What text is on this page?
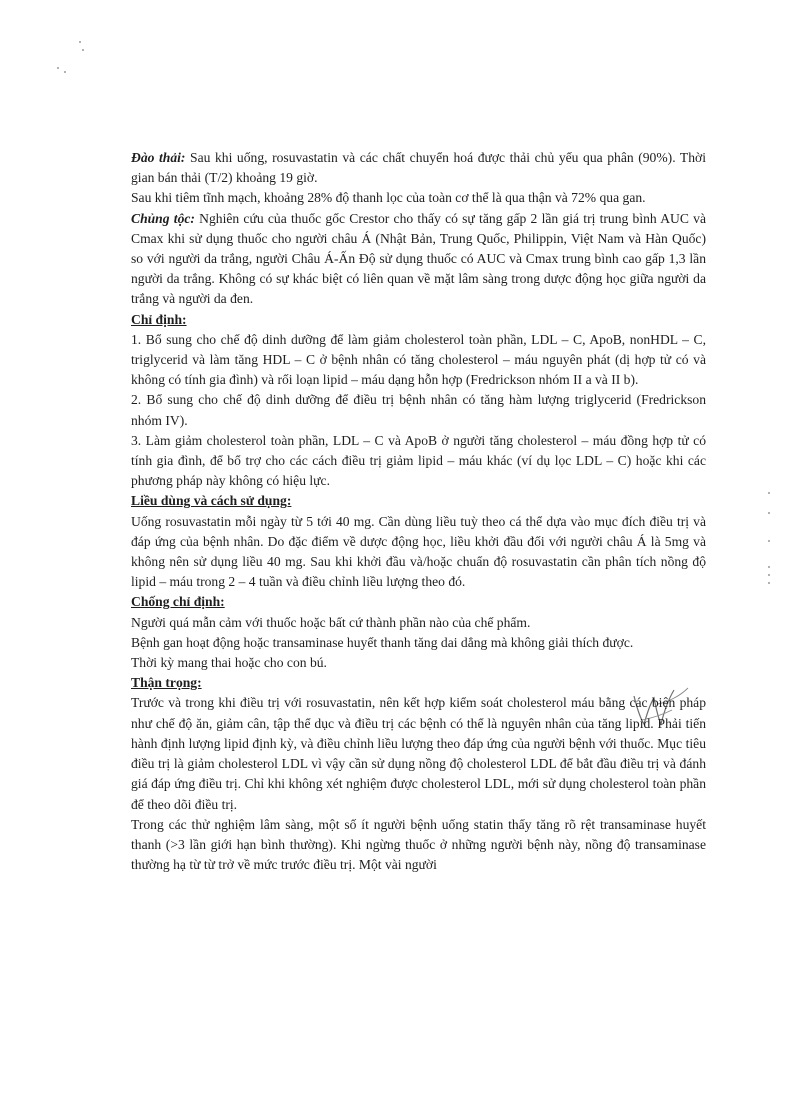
Đào thải: Sau khi uống, rosuvastatin và các chất chuyển hoá được thải chủ yếu qua phân (90%). Thời gian bán thải (T/2) khoảng 19 giờ.

Sau khi tiêm tĩnh mạch, khoảng 28% độ thanh lọc của toàn cơ thể là qua thận và 72% qua gan.

Chủng tộc: Nghiên cứu của thuốc gốc Crestor cho thấy có sự tăng gấp 2 lần giá trị trung bình AUC và Cmax khi sử dụng thuốc cho người châu Á (Nhật Bản, Trung Quốc, Philippin, Việt Nam và Hàn Quốc) so với người da trắng, người Châu Á-Ấn Độ sử dụng thuốc có AUC và Cmax trung bình cao gấp 1,3 lần người da trắng. Không có sự khác biệt có liên quan về mặt lâm sàng trong dược động học giữa người da trắng và người da đen.

Chỉ định:

1. Bổ sung cho chế độ dinh dưỡng để làm giảm cholesterol toàn phần, LDL – C, ApoB, nonHDL – C, triglycerid và làm tăng HDL – C ở bệnh nhân có tăng cholesterol – máu nguyên phát (dị hợp tử có và không có tính gia đình) và rối loạn lipid – máu dạng hỗn hợp (Fredrickson nhóm II a và II b).

2. Bổ sung cho chế độ dinh dưỡng để điều trị bệnh nhân có tăng hàm lượng triglycerid (Fredrickson nhóm IV).

3. Làm giảm cholesterol toàn phần, LDL – C và ApoB ở người tăng cholesterol – máu đồng hợp tử có tính gia đình, để bổ trợ cho các cách điều trị giảm lipid – máu khác (ví dụ lọc LDL – C) hoặc khi các phương pháp này không có hiệu lực.

Liều dùng và cách sử dụng:

Uống rosuvastatin mỗi ngày từ 5 tới 40 mg. Cần dùng liều tuỳ theo cá thể dựa vào mục đích điều trị và đáp ứng của bệnh nhân. Do đặc điểm về dược động học, liều khởi đầu đối với người châu Á là 5mg và không nên sử dụng liều 40 mg. Sau khi khởi đầu và/hoặc chuẩn độ rosuvastatin cần phân tích nồng độ lipid – máu trong 2 – 4 tuần và điều chỉnh liều lượng theo đó.

Chống chỉ định:

Người quá mẫn cảm với thuốc hoặc bất cứ thành phần nào của chế phẩm.

Bệnh gan hoạt động hoặc transaminase huyết thanh tăng dai dẳng mà không giải thích được.

Thời kỳ mang thai hoặc cho con bú.

Thận trọng:

Trước và trong khi điều trị với rosuvastatin, nên kết hợp kiểm soát cholesterol máu bằng các biện pháp như chế độ ăn, giảm cân, tập thể dục và điều trị các bệnh có thể là nguyên nhân của tăng lipid. Phải tiến hành định lượng lipid định kỳ, và điều chỉnh liều lượng theo đáp ứng của người bệnh với thuốc. Mục tiêu điều trị là giảm cholesterol LDL vì vậy cần sử dụng nồng độ cholesterol LDL để bắt đầu điều trị và đánh giá đáp ứng điều trị. Chỉ khi không xét nghiệm được cholesterol LDL, mới sử dụng cholesterol toàn phần để theo dõi điều trị.

Trong các thử nghiệm lâm sàng, một số ít người bệnh uống statin thấy tăng rõ rệt transaminase huyết thanh (>3 lần giới hạn bình thường). Khi ngừng thuốc ở những người bệnh này, nồng độ transaminase thường hạ từ từ trở về mức trước điều trị. Một vài người
